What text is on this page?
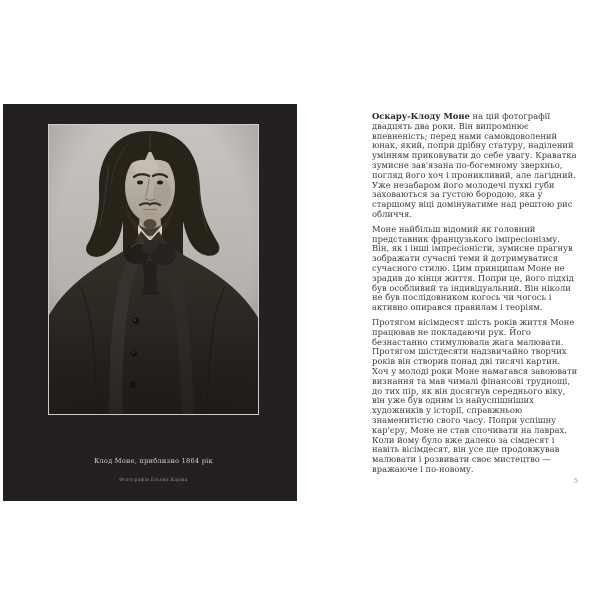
Клод Моне, приблизно 1864 рік
Фотографія Етьєна Каржа

Оскару-Клоду Моне на цій фотографії двадцять два роки. Він випромінює впевненість; перед нами самовдоволений юнак, який, попри дрібну статуру, наділений умінням приковувати до себе увагу. Краватка зумисне зав'язана по-богемному зверхньо, погляд його хоч і проникливий, але лагідний. Уже незабаром його молодечі пухкі губи заховаються за густою бородою, яка у старшому віці домінуватиме над рештою рис обличчя.

Моне найбільш відомий як головний представник французького імпресіонізму. Він, як і інші імпресіоністи, зумисне прагнув зображати сучасні теми й дотримуватися сучасного стилю. Цим принципам Моне не зрадив до кінця життя. Попри це, його підхід був особливий та індивідуальний. Він ніколи не був послідовником когось чи чогось і активно опирався правилам і теоріям.

Протягом вісімдесят шість років життя Моне працював не покладаючи рук. Його безнастанно стимулювала жага малювати. Протягом шістдесяти надзвичайно творчих років він створив понад дві тисячі картин. Хоч у молоді роки Моне намагався завоювати визнання та мав чималі фінансові труднощі, до тих пір, як він досягнув середнього віку, він уже був одним із найуспішніших художників у історії, справжньою знаменитістю свого часу. Попри успішну кар'єру, Моне не став спочивати на лаврах. Коли йому було вже далеко за сімдесят і навіть вісімдесят, він усе ще продовжував малювати і розвивати своє мистецтво — вражаюче і по-новому.

5
